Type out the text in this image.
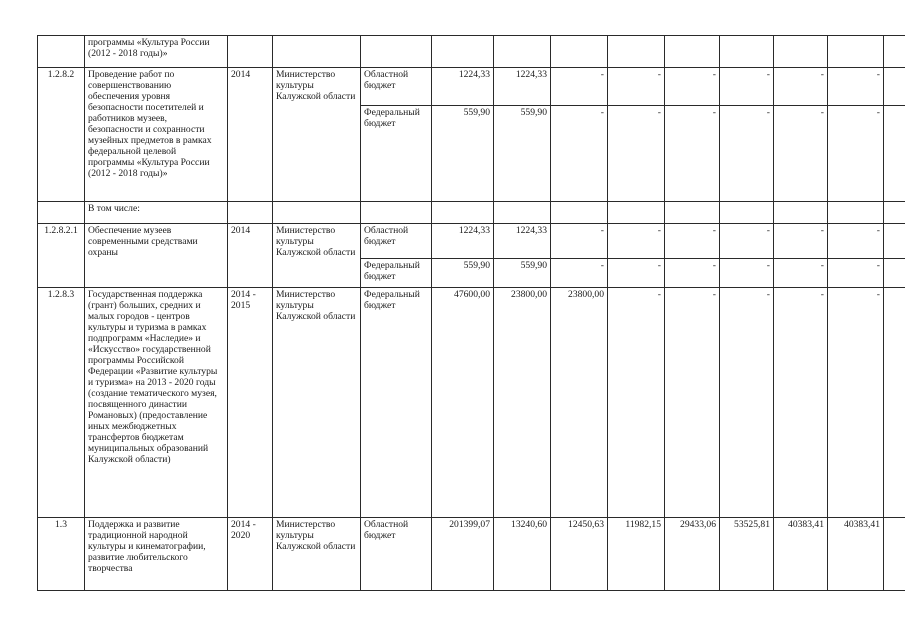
	программы «Культура России (2012 - 2018 годы)»												
1.2.8.2	Проведение работ по совершенствованию обеспечения уровня безопасности посетителей и работников музеев, безопасности и сохранности музейных предметов в рамках федеральной целевой программы «Культура России (2012 - 2018 годы)»	2014	Министерство культуры Калужской области	Областной бюджет	1224,33	1224,33	-	-	-	-	-	-	
				Федеральный бюджет	559,90	559,90	-	-	-	-	-	-	
	В том числе:												
1.2.8.2.1	Обеспечение музеев современными средствами охраны	2014	Министерство культуры Калужской области	Областной бюджет	1224,33	1224,33	-	-	-	-	-	-	
				Федеральный бюджет	559,90	559,90	-	-	-	-	-	-	
1.2.8.3	Государственная поддержка (грант) больших, средних и малых городов - центров культуры и туризма в рамках подпрограмм «Наследие» и «Искусство» государственной программы Российской Федерации «Развитие культуры и туризма» на 2013 - 2020 годы (создание тематического музея, посвященного династии Романовых) (предоставление иных межбюджетных трансфертов бюджетам муниципальных образований Калужской области)	2014 - 2015	Министерство культуры Калужской области	Федеральный бюджет	47600,00	23800,00	23800,00	-	-	-	-	-	
1.3	Поддержка и развитие традиционной народной культуры и кинематографии, развитие любительского творчества	2014 - 2020	Министерство культуры Калужской области	Областной бюджет	201399,07	13240,60	12450,63	11982,15	29433,06	53525,81	40383,41	40383,41	
